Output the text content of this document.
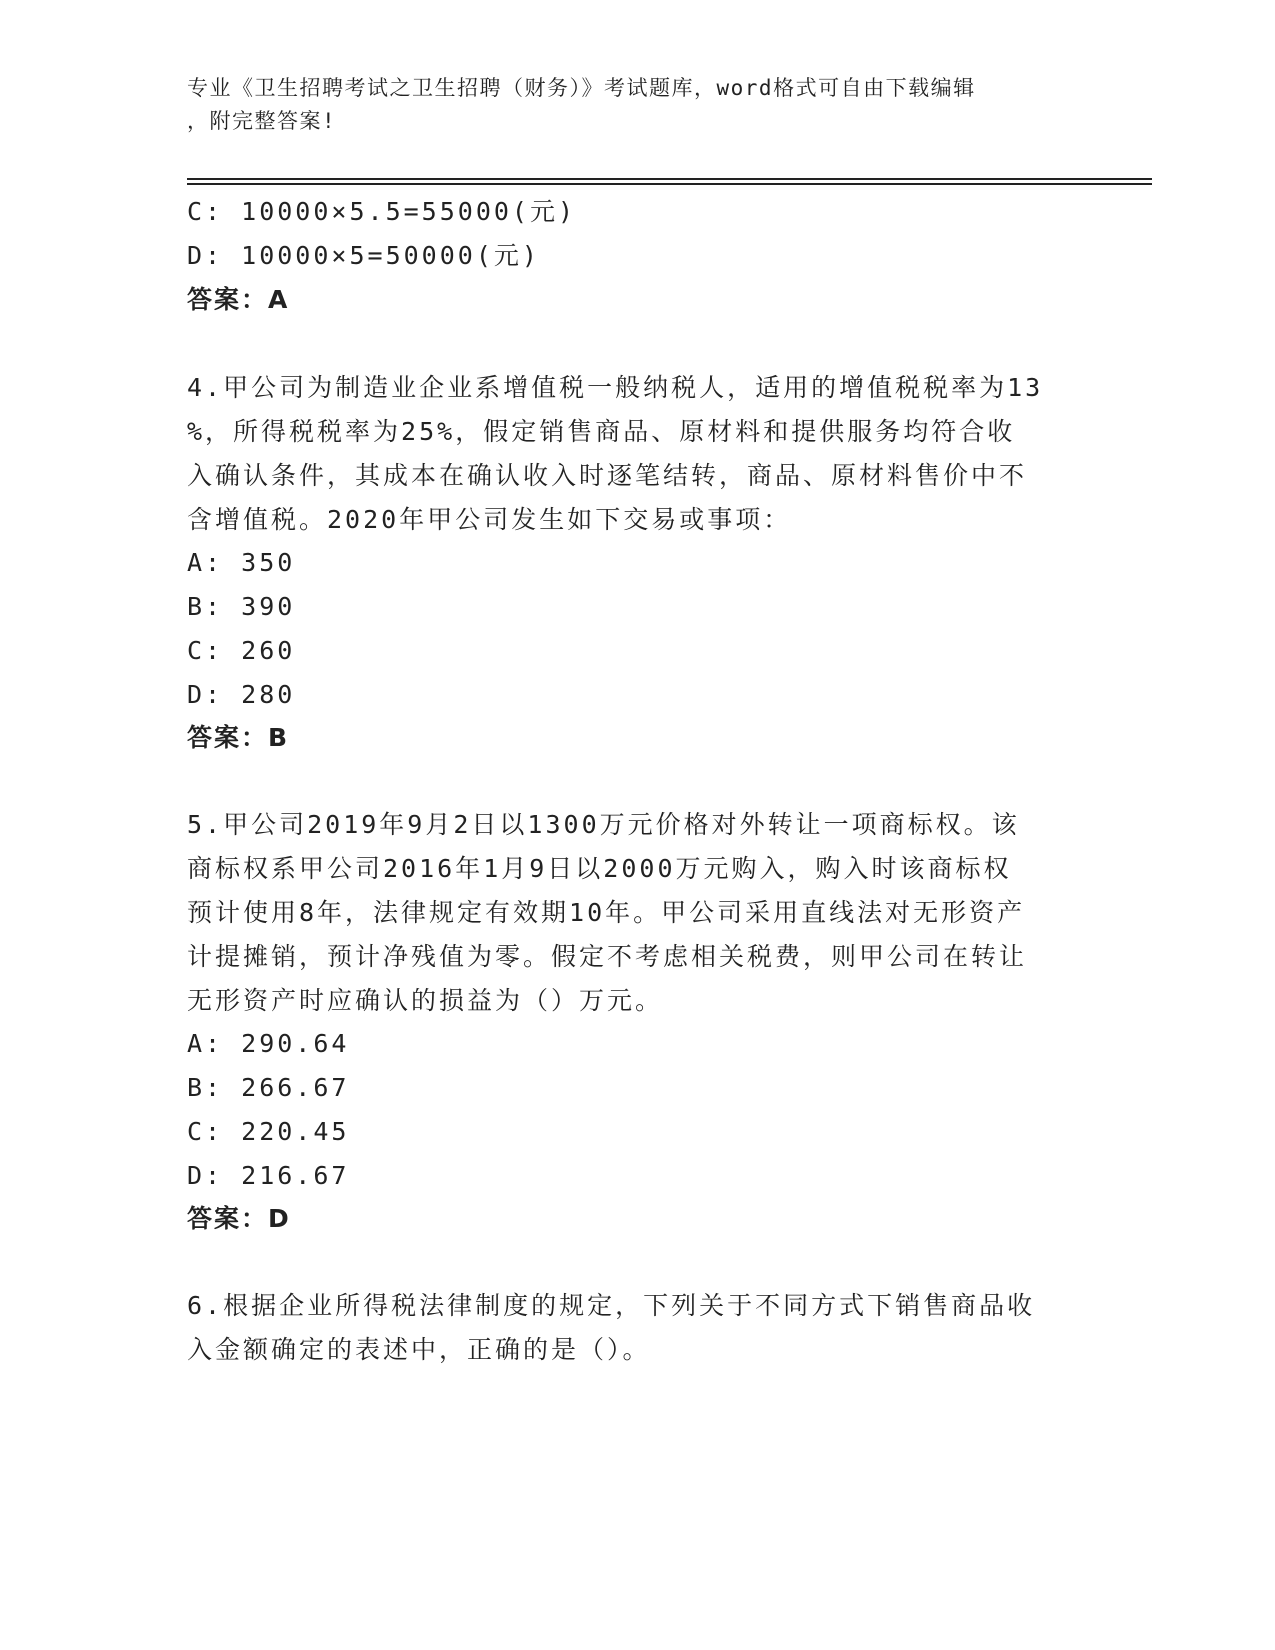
专业《卫生招聘考试之卫生招聘（财务）》考试题库，word格式可自由下载编辑
，附完整答案!
C: 10000×5.5=55000(元)
D: 10000×5=50000(元)
答案：A
4.甲公司为制造业企业系增值税一般纳税人，适用的增值税税率为13
%，所得税税率为25%，假定销售商品、原材料和提供服务均符合收
入确认条件，其成本在确认收入时逐笔结转，商品、原材料售价中不
含增值税。2020年甲公司发生如下交易或事项：
A: 350
B: 390
C: 260
D: 280
答案：B
5.甲公司2019年9月2日以1300万元价格对外转让一项商标权。该
商标权系甲公司2016年1月9日以2000万元购入，购入时该商标权
预计使用8年，法律规定有效期10年。甲公司采用直线法对无形资产
计提摊销，预计净残值为零。假定不考虑相关税费，则甲公司在转让
无形资产时应确认的损益为（）万元。
A: 290.64
B: 266.67
C: 220.45
D: 216.67
答案：D
6.根据企业所得税法律制度的规定，下列关于不同方式下销售商品收
入金额确定的表述中，正确的是（）。
